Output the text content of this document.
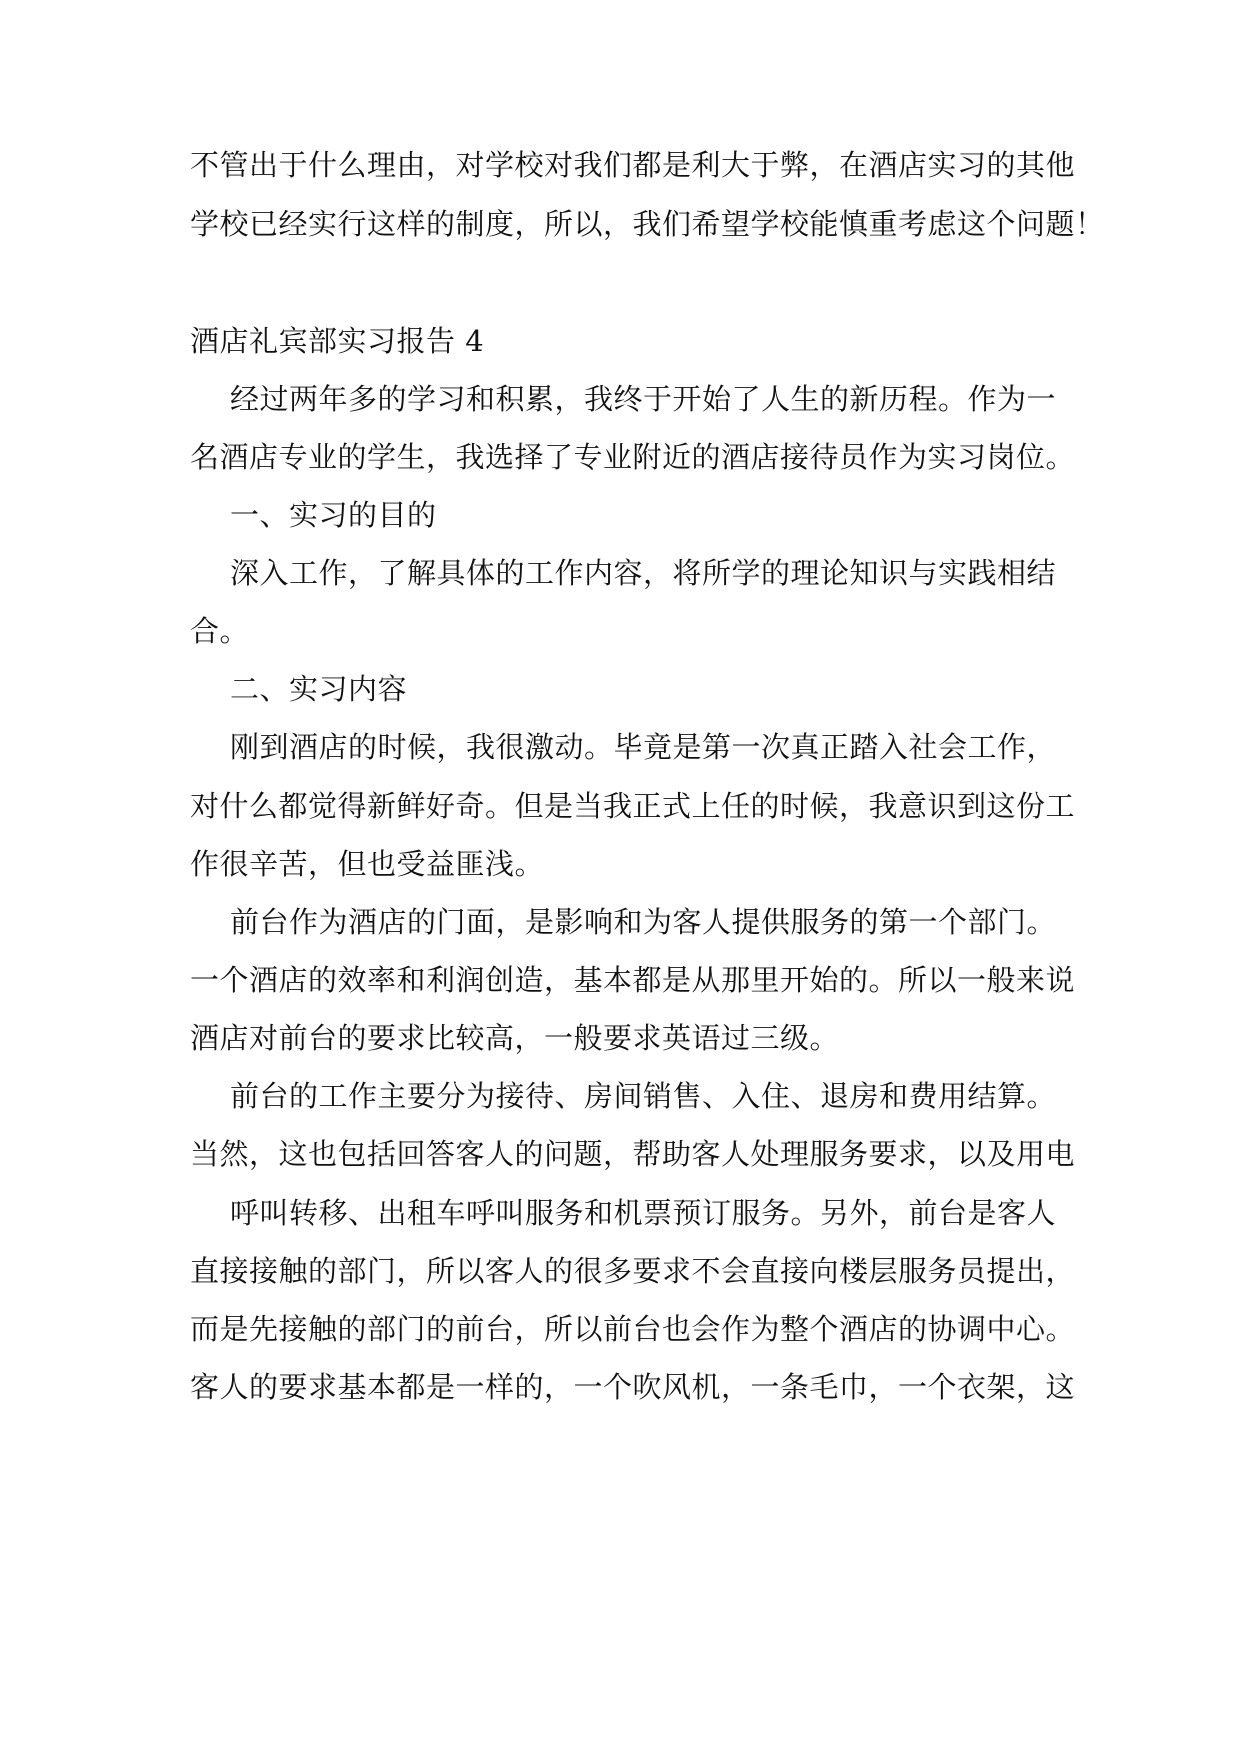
不管出于什么理由，对学校对我们都是利大于弊，在酒店实习的其他
学校已经实行这样的制度，所以，我们希望学校能慎重考虑这个问题！
酒店礼宾部实习报告 4
经过两年多的学习和积累，我终于开始了人生的新历程。作为一
名酒店专业的学生，我选择了专业附近的酒店接待员作为实习岗位。
一、实习的目的
深入工作，了解具体的工作内容，将所学的理论知识与实践相结
合。
二、实习内容
刚到酒店的时候，我很激动。毕竟是第一次真正踏入社会工作，
对什么都觉得新鲜好奇。但是当我正式上任的时候，我意识到这份工
作很辛苦，但也受益匪浅。
前台作为酒店的门面，是影响和为客人提供服务的第一个部门。
一个酒店的效率和利润创造，基本都是从那里开始的。所以一般来说
酒店对前台的要求比较高，一般要求英语过三级。
前台的工作主要分为接待、房间销售、入住、退房和费用结算。
当然，这也包括回答客人的问题，帮助客人处理服务要求，以及用电
呼叫转移、出租车呼叫服务和机票预订服务。另外，前台是客人
直接接触的部门，所以客人的很多要求不会直接向楼层服务员提出，
而是先接触的部门的前台，所以前台也会作为整个酒店的协调中心。
客人的要求基本都是一样的，一个吹风机，一条毛巾，一个衣架，这
